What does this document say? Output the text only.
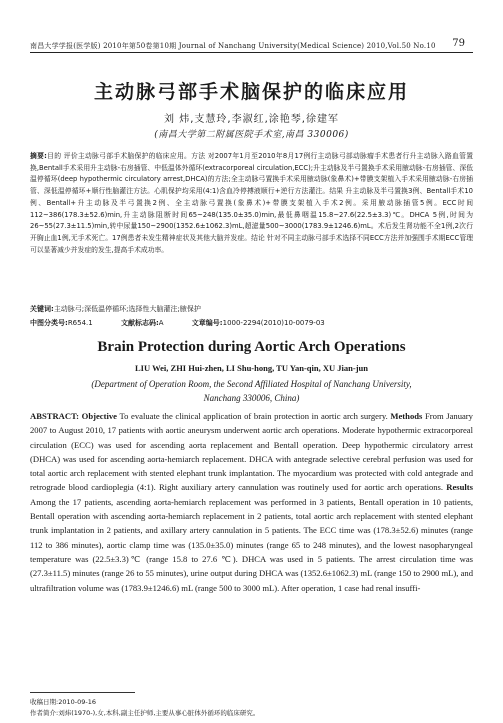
南昌大学学报(医学版) 2010年第50卷第10期 Journal of Nanchang University(Medical Science) 2010,Vol.50 No.10 79
主动脉弓部手术脑保护的临床应用
刘 炜,支慧玲,李淑红,涂艳琴,徐建军
(南昌大学第二附属医院手术室,南昌 330006)
摘要:目的 评价主动脉弓部手术脑保护的临床应用。方法 对2007年1月至2010年8月17例行主动脉弓部动脉瘤手术患者行升主动脉入路血管置换,Bentall手术采用升主动脉-右房插管、中低温体外循环(extracorporeal circulation,ECC);升主动脉及半弓置换手术采用腋动脉-右房插管、深低温停循环(deep hypothermic circulatory arrest,DHCA)的方法;全主动脉弓置换手术采用腋动脉(象鼻术)+带膜支架植入手术采用腋动脉-右房插管、深低温停循环+顺行性脑灌注方法。心肌保护均采用(4:1)含血冷停搏液顺行+逆行方法灌注。结果 升主动脉及半弓置换3例、Bentall手术10例、Bentall+升主动脉及半弓置换2例、全主动脉弓置换(象鼻术)+带膜支架植入手术2例。采用腋动脉插管5例。ECC时间112~386(178.3±52.6)min,升主动脉阻断时间65~248(135.0±35.0)min,最低鼻咽温15.8~27.6(22.5±3.3)℃。DHCA 5例,时间为26~55(27.3±11.5)min,转中尿量150~2900(1352.6±1062.3)mL,超滤量500~3000(1783.9±1246.6)mL。术后发生肾功能不全1例,2次行开胸止血1例,无手术死亡。17例患者未发生精神症状及其他大脑并发症。结论 针对不同主动脉弓部手术选择不同ECC方法并加强围手术期ECC管理可以显著减少并发症的发生,提高手术成功率。
关键词:主动脉弓;深低温停循环;选择性大脑灌注;腋保护
中图分类号:R654.1	文献标志码:A	文章编号:1000-2294(2010)10-0079-03
Brain Protection during Aortic Arch Operations
LIU Wei, ZHI Hui-zhen, LI Shu-hong, TU Yan-qin, XU Jian-jun
(Department of Operation Room, the Second Affiliated Hospital of Nanchang University,
Nanchang 330006, China)
ABSTRACT: Objective To evaluate the clinical application of brain protection in aortic arch surgery. Methods From January 2007 to August 2010, 17 patients with aortic aneurysm underwent aortic arch operations. Moderate hypothermic extracorporeal circulation (ECC) was used for ascending aorta replacement and Bentall operation. Deep hypothermic circulatory arrest (DHCA) was used for ascending aorta-hemiarch replacement. DHCA with antegrade selective cerebral perfusion was used for total aortic arch replacement with stented elephant trunk implantation. The myocardium was protected with cold antegrade and retrograde blood cardioplegia (4:1). Right auxiliary artery cannulation was routinely used for aortic arch operations. Results Among the 17 patients, ascending aorta-hemiarch replacement was performed in 3 patients, Bentall operation in 10 patients, Bentall operation with ascending aorta-hemiarch replacement in 2 patients, total aortic arch replacement with stented elephant trunk implantation in 2 patients, and axillary artery cannulation in 5 patients. The ECC time was (178.3±52.6) minutes (range 112 to 386 minutes), aortic clamp time was (135.0±35.0) minutes (range 65 to 248 minutes), and the lowest nasopharyngeal temperature was (22.5±3.3)℃ (range 15.8 to 27.6 ℃). DHCA was used in 5 patients. The arrest circulation time was (27.3±11.5) minutes (range 26 to 55 minutes), urine output during DHCA was (1352.6±1062.3) mL (range 150 to 2900 mL), and ultrafiltration volume was (1783.9±1246.6) mL (range 500 to 3000 mL). After operation, 1 case had renal insuffi-
收稿日期:2010-09-16
作者简介:刘炜(1970-),女,本科,副主任护师,主要从事心脏体外循环的临床研究。
